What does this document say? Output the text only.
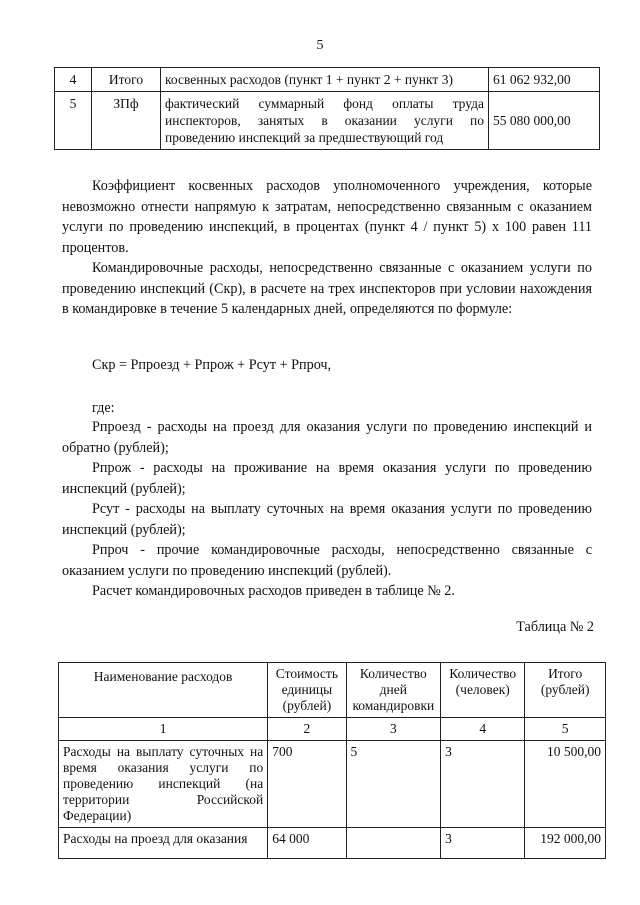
5
4	Итого	косвенных расходов (пункт 1 + пункт 2 + пункт 3)	61 062 932,00
5	ЗПф	фактический суммарный фонд оплаты труда инспекторов, занятых в оказании услуги по проведению инспекций за предшествующий год	55 080 000,00
Коэффициент косвенных расходов уполномоченного учреждения, которые невозможно отнести напрямую к затратам, непосредственно связанным с оказанием услуги по проведению инспекций, в процентах (пункт 4 / пункт 5) х 100 равен 111 процентов.
Командировочные расходы, непосредственно связанные с оказанием услуги по проведению инспекций (Скр), в расчете на трех инспекторов при условии нахождения в командировке в течение 5 календарных дней, определяются по формуле:
Скр = Рпроезд + Рпрож + Рсут + Рпроч,
где:
Рпроезд - расходы на проезд для оказания услуги по проведению инспекций и обратно (рублей);
Рпрож - расходы на проживание на время оказания услуги по проведению инспекций (рублей);
Рсут - расходы на выплату суточных на время оказания услуги по проведению инспекций (рублей);
Рпроч - прочие командировочные расходы, непосредственно связанные с оказанием услуги по проведению инспекций (рублей).
Расчет командировочных расходов приведен в таблице № 2.
Таблица № 2
Наименование расходов	Стоимость единицы (рублей)	Количество дней командировки	Количество (человек)	Итого (рублей)
1	2	3	4	5
Расходы на выплату суточных на время оказания услуги по проведению инспекций (на территории Российской Федерации)	700	5	3	10 500,00
Расходы на проезд для оказания	64 000		3	192 000,00
